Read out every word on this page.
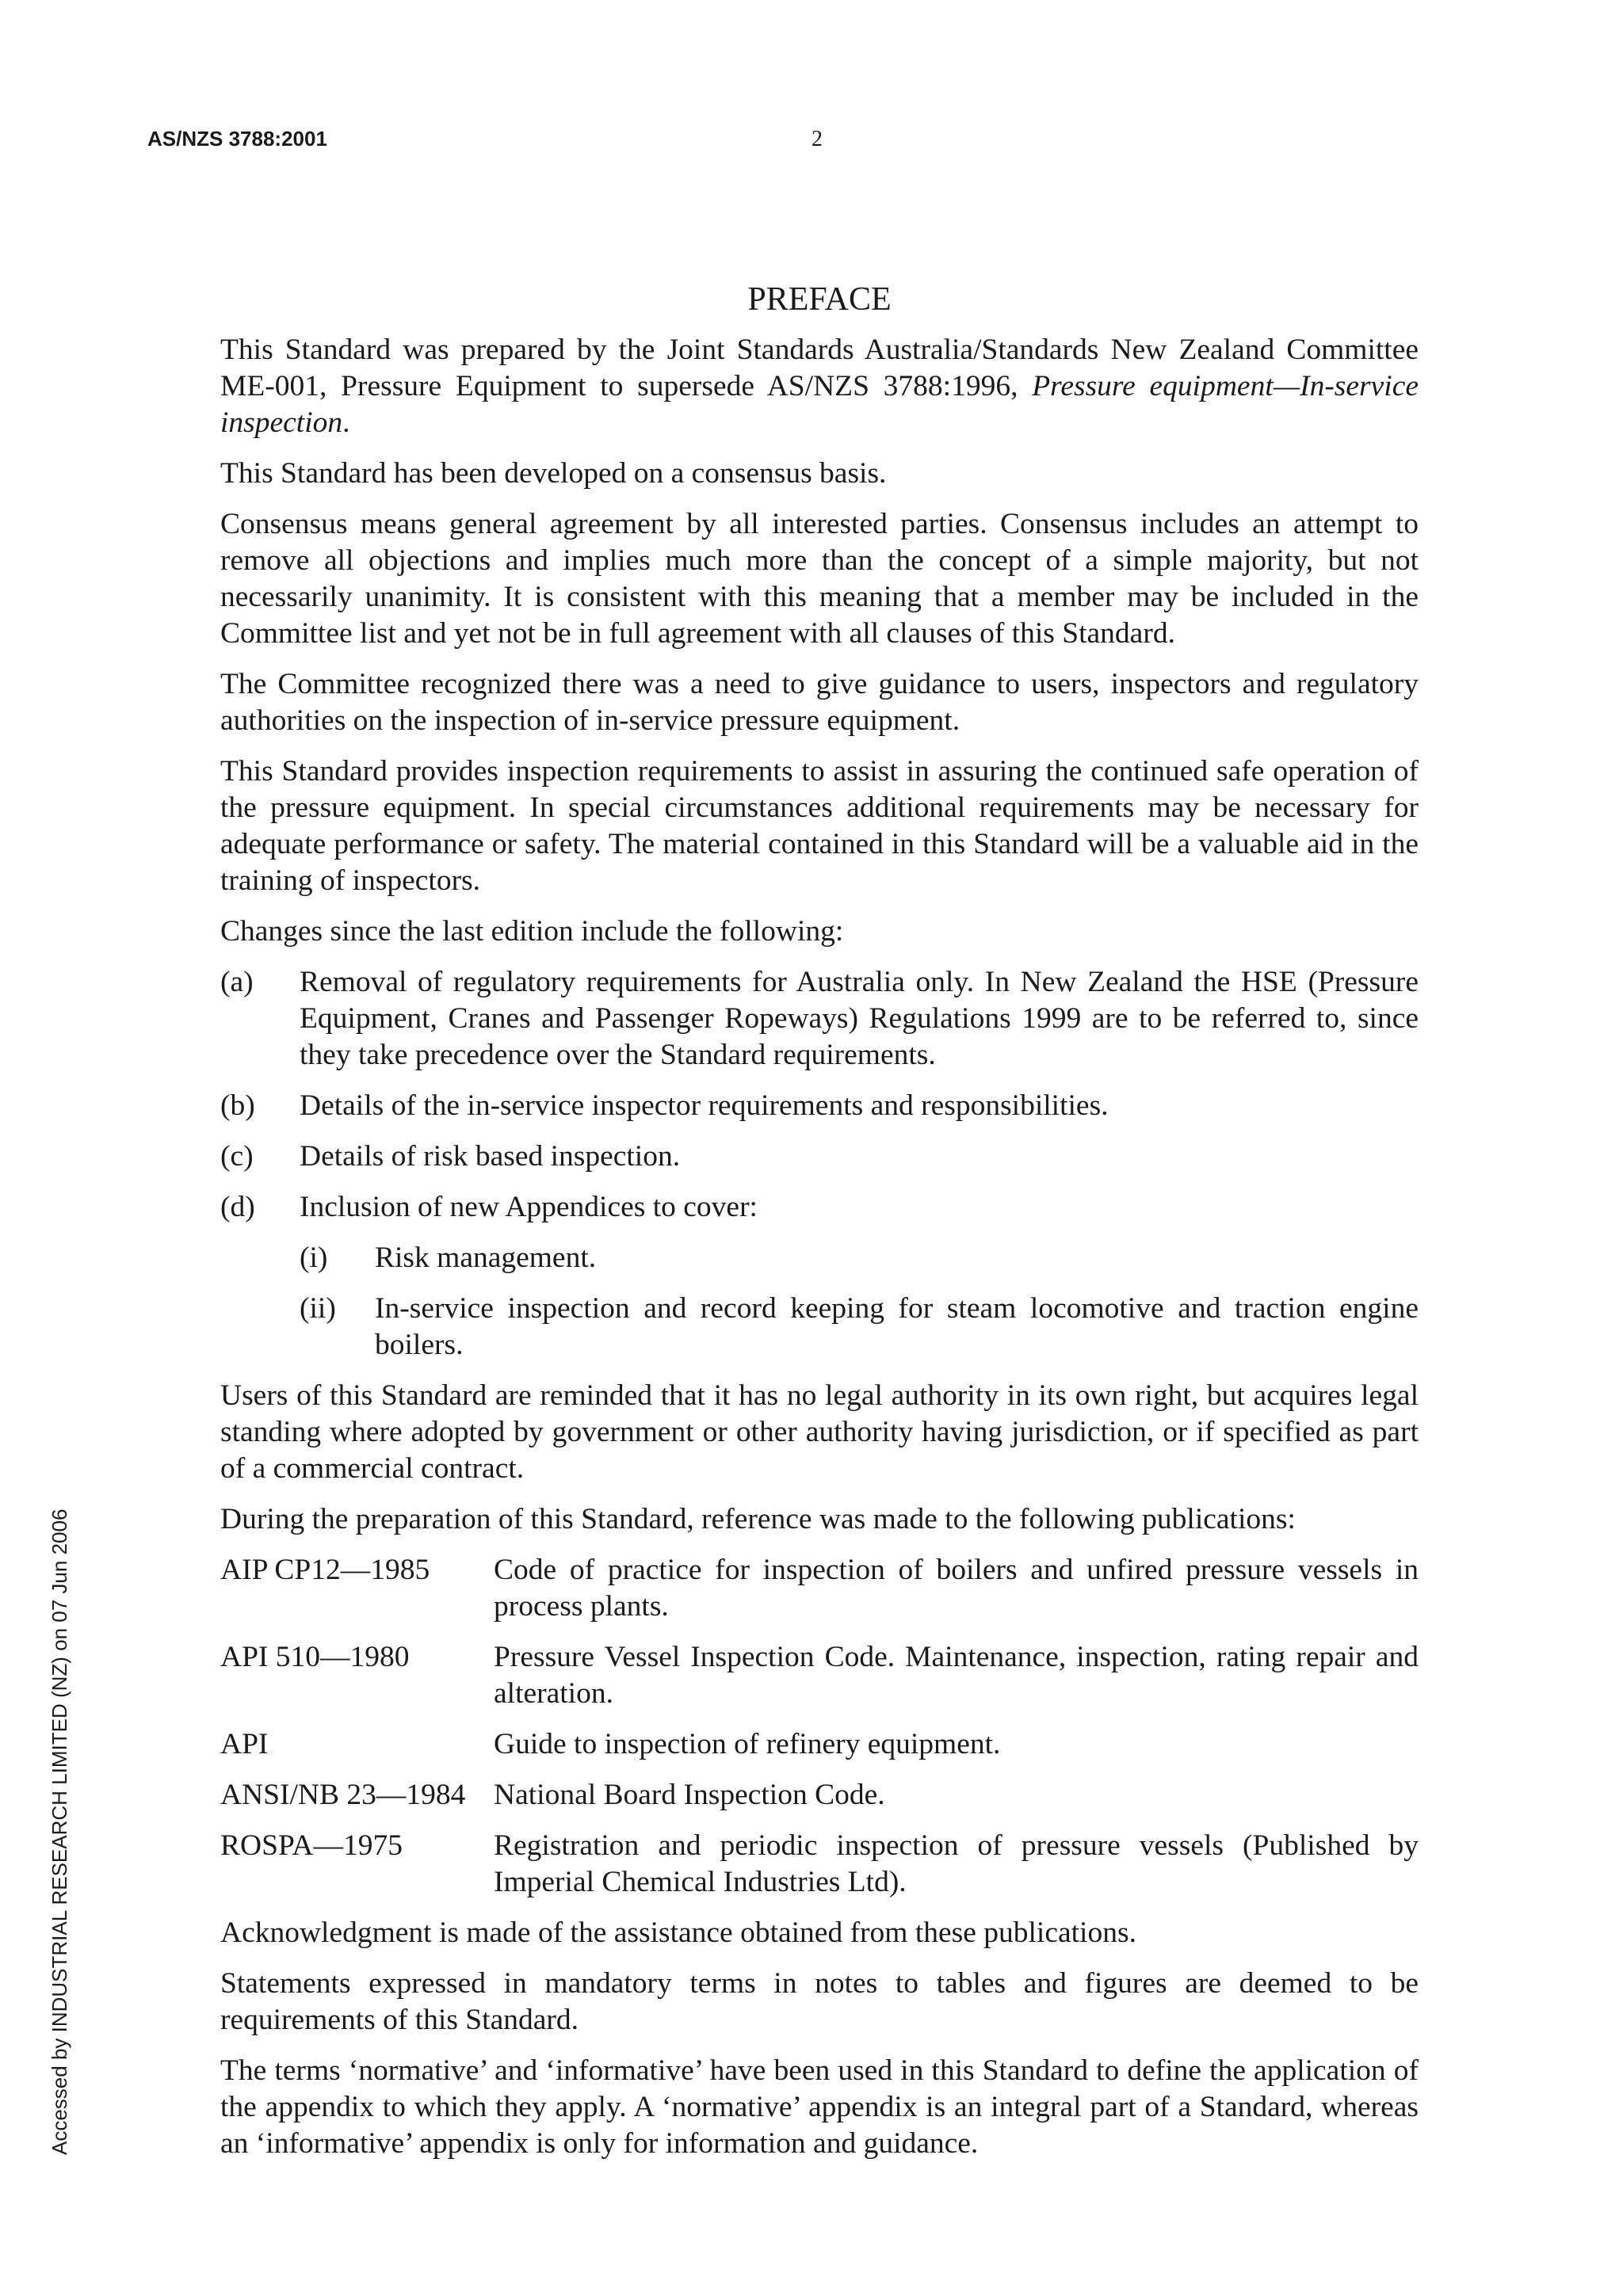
AS/NZS 3788:2001	2
Accessed by INDUSTRIAL RESEARCH LIMITED (NZ) on 07 Jun 2006
PREFACE

This Standard was prepared by the Joint Standards Australia/Standards New Zealand Committee ME-001, Pressure Equipment to supersede AS/NZS 3788:1996, Pressure equipment—In-service inspection.

This Standard has been developed on a consensus basis.

Consensus means general agreement by all interested parties. Consensus includes an attempt to remove all objections and implies much more than the concept of a simple majority, but not necessarily unanimity. It is consistent with this meaning that a member may be included in the Committee list and yet not be in full agreement with all clauses of this Standard.

The Committee recognized there was a need to give guidance to users, inspectors and regulatory authorities on the inspection of in-service pressure equipment.

This Standard provides inspection requirements to assist in assuring the continued safe operation of the pressure equipment. In special circumstances additional requirements may be necessary for adequate performance or safety. The material contained in this Standard will be a valuable aid in the training of inspectors.

Changes since the last edition include the following:

(a)	Removal of regulatory requirements for Australia only. In New Zealand the HSE (Pressure Equipment, Cranes and Passenger Ropeways) Regulations 1999 are to be referred to, since they take precedence over the Standard requirements.
(b)	Details of the in-service inspector requirements and responsibilities.
(c)	Details of risk based inspection.
(d)	Inclusion of new Appendices to cover:
(i)	Risk management.
(ii)	In-service inspection and record keeping for steam locomotive and traction engine boilers.

Users of this Standard are reminded that it has no legal authority in its own right, but acquires legal standing where adopted by government or other authority having jurisdiction, or if specified as part of a commercial contract.

During the preparation of this Standard, reference was made to the following publications:

AIP CP12—1985	Code of practice for inspection of boilers and unfired pressure vessels in process plants.
API 510—1980	Pressure Vessel Inspection Code. Maintenance, inspection, rating repair and alteration.
API	Guide to inspection of refinery equipment.
ANSI/NB 23—1984 National Board Inspection Code.
ROSPA—1975	Registration and periodic inspection of pressure vessels (Published by Imperial Chemical Industries Ltd).

Acknowledgment is made of the assistance obtained from these publications.

Statements expressed in mandatory terms in notes to tables and figures are deemed to be requirements of this Standard.

The terms ‘normative’ and ‘informative’ have been used in this Standard to define the application of the appendix to which they apply. A ‘normative’ appendix is an integral part of a Standard, whereas an ‘informative’ appendix is only for information and guidance.
